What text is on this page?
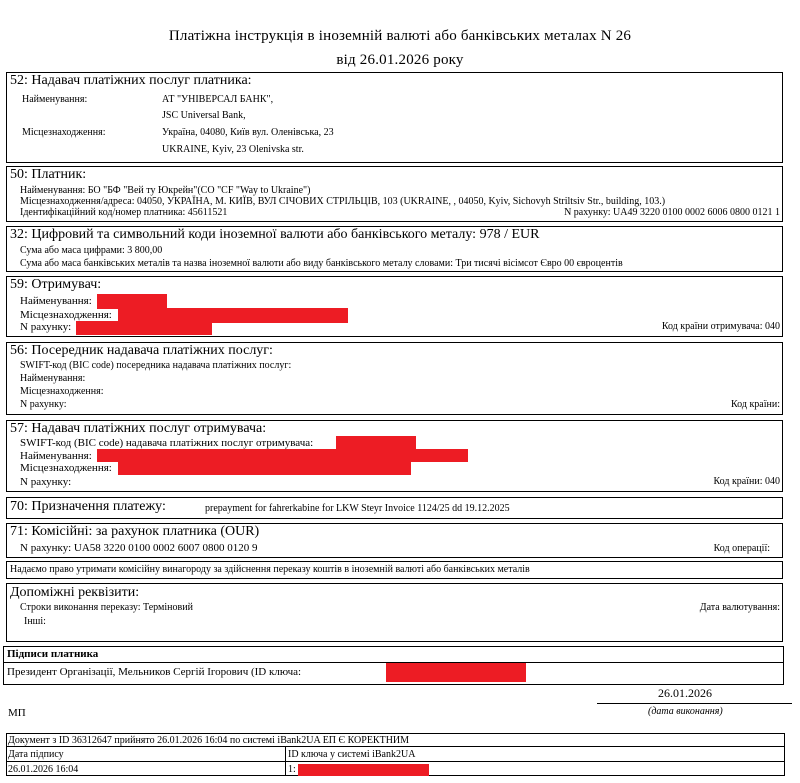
Платіжна інструкція в іноземній валюті або банківських металах N 26
від 26.01.2026 року
52: Надавач платіжних послуг платника:
Найменування:	АТ "УНІВЕРСАЛ БАНК",
JSC Universal Bank,
Місцезнаходження:	Україна, 04080, Київ вул. Оленівська, 23
UKRAINE, Kyiv, 23 Olenivska str.
50: Платник:
Найменування: БО "БФ "Вей ту Юкрейн"(CO "CF "Way to Ukraine")
Місцезнаходження/адреса: 04050, УКРАЇНА, М. КИЇВ, ВУЛ СІЧОВИХ СТРІЛЬЦІВ, 103 (UKRAINE, , 04050, Kyiv, Sichovyh Striltsiv Str., building, 103.)
Ідентифікаційний код/номер платника: 45611521	N рахунку: UA49 3220 0100 0002 6006 0800 0121 1
32: Цифровий та символьний коди іноземної валюти або банківського металу: 978 / EUR
Сума або маса цифрами: 3 800,00
Сума або маса банківських металів та назва іноземної валюти або виду банківського металу словами: Три тисячі вісімсот Євро 00 євроцентів
59: Отримувач:
Найменування:
Місцезнаходження:
N рахунку:	Код країни отримувача: 040
56: Посередник надавача платіжних послуг:
SWIFT-код (BIC code) посередника надавача платіжних послуг:
Найменування:
Місцезнаходження:
N рахунку:	Код країни:
57: Надавач платіжних послуг отримувача:
SWIFT-код (BIC code) надавача платіжних послуг отримувача:
Найменування:
Місцезнаходження:
N рахунку:	Код країни: 040
70: Призначення платежу:	prepayment for fahrerkabine for LKW Steyr Invoice 1124/25 dd 19.12.2025
71: Комісійні: за рахунок платника (OUR)
N рахунку: UA58 3220 0100 0002 6007 0800 0120 9	Код операції:
Надаємо право утримати комісійну винагороду за здійснення переказу коштів в іноземній валюті або банківських металів
Допоміжні реквізити:
Строки виконання переказу: Терміновий
Інші:
Дата валютування:
Підписи платника
Президент Організації, Мельников Сергій Ігорович (ID ключа:
26.01.2026
(дата виконання)
МП
Документ з ID 36312647 прийнято 26.01.2026 16:04 по системі iBank2UA ЕП Є КОРЕКТНИМ
Дата підпису	ID ключа у системі iBank2UA
26.01.2026 16:04	1:
